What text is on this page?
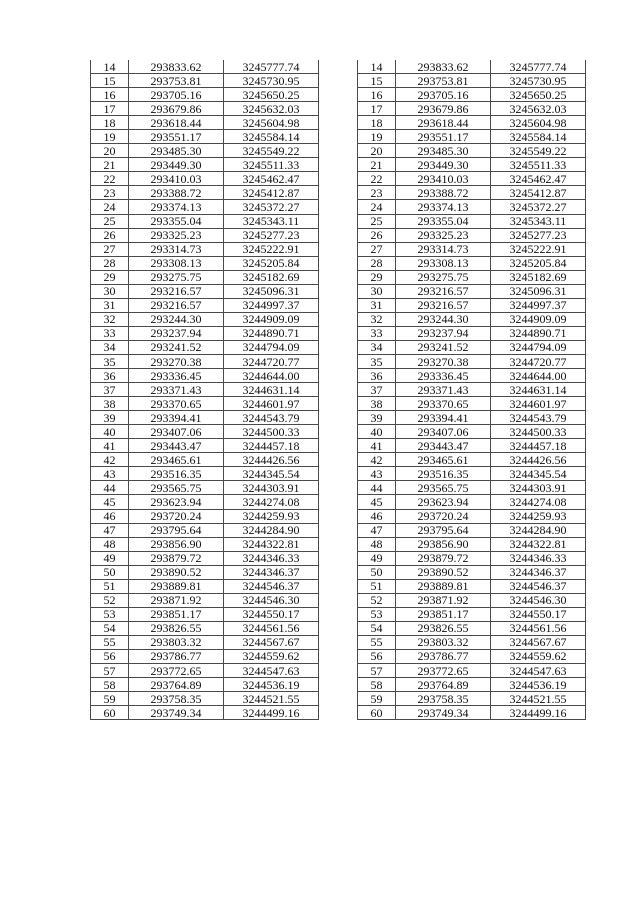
14	293833.62	3245777.74
15	293753.81	3245730.95
16	293705.16	3245650.25
17	293679.86	3245632.03
18	293618.44	3245604.98
19	293551.17	3245584.14
20	293485.30	3245549.22
21	293449.30	3245511.33
22	293410.03	3245462.47
23	293388.72	3245412.87
24	293374.13	3245372.27
25	293355.04	3245343.11
26	293325.23	3245277.23
27	293314.73	3245222.91
28	293308.13	3245205.84
29	293275.75	3245182.69
30	293216.57	3245096.31
31	293216.57	3244997.37
32	293244.30	3244909.09
33	293237.94	3244890.71
34	293241.52	3244794.09
35	293270.38	3244720.77
36	293336.45	3244644.00
37	293371.43	3244631.14
38	293370.65	3244601.97
39	293394.41	3244543.79
40	293407.06	3244500.33
41	293443.47	3244457.18
42	293465.61	3244426.56
43	293516.35	3244345.54
44	293565.75	3244303.91
45	293623.94	3244274.08
46	293720.24	3244259.93
47	293795.64	3244284.90
48	293856.90	3244322.81
49	293879.72	3244346.33
50	293890.52	3244346.37
51	293889.81	3244546.37
52	293871.92	3244546.30
53	293851.17	3244550.17
54	293826.55	3244561.56
55	293803.32	3244567.67
56	293786.77	3244559.62
57	293772.65	3244547.63
58	293764.89	3244536.19
59	293758.35	3244521.55
60	293749.34	3244499.16
14	293833.62	3245777.74
15	293753.81	3245730.95
16	293705.16	3245650.25
17	293679.86	3245632.03
18	293618.44	3245604.98
19	293551.17	3245584.14
20	293485.30	3245549.22
21	293449.30	3245511.33
22	293410.03	3245462.47
23	293388.72	3245412.87
24	293374.13	3245372.27
25	293355.04	3245343.11
26	293325.23	3245277.23
27	293314.73	3245222.91
28	293308.13	3245205.84
29	293275.75	3245182.69
30	293216.57	3245096.31
31	293216.57	3244997.37
32	293244.30	3244909.09
33	293237.94	3244890.71
34	293241.52	3244794.09
35	293270.38	3244720.77
36	293336.45	3244644.00
37	293371.43	3244631.14
38	293370.65	3244601.97
39	293394.41	3244543.79
40	293407.06	3244500.33
41	293443.47	3244457.18
42	293465.61	3244426.56
43	293516.35	3244345.54
44	293565.75	3244303.91
45	293623.94	3244274.08
46	293720.24	3244259.93
47	293795.64	3244284.90
48	293856.90	3244322.81
49	293879.72	3244346.33
50	293890.52	3244346.37
51	293889.81	3244546.37
52	293871.92	3244546.30
53	293851.17	3244550.17
54	293826.55	3244561.56
55	293803.32	3244567.67
56	293786.77	3244559.62
57	293772.65	3244547.63
58	293764.89	3244536.19
59	293758.35	3244521.55
60	293749.34	3244499.16
